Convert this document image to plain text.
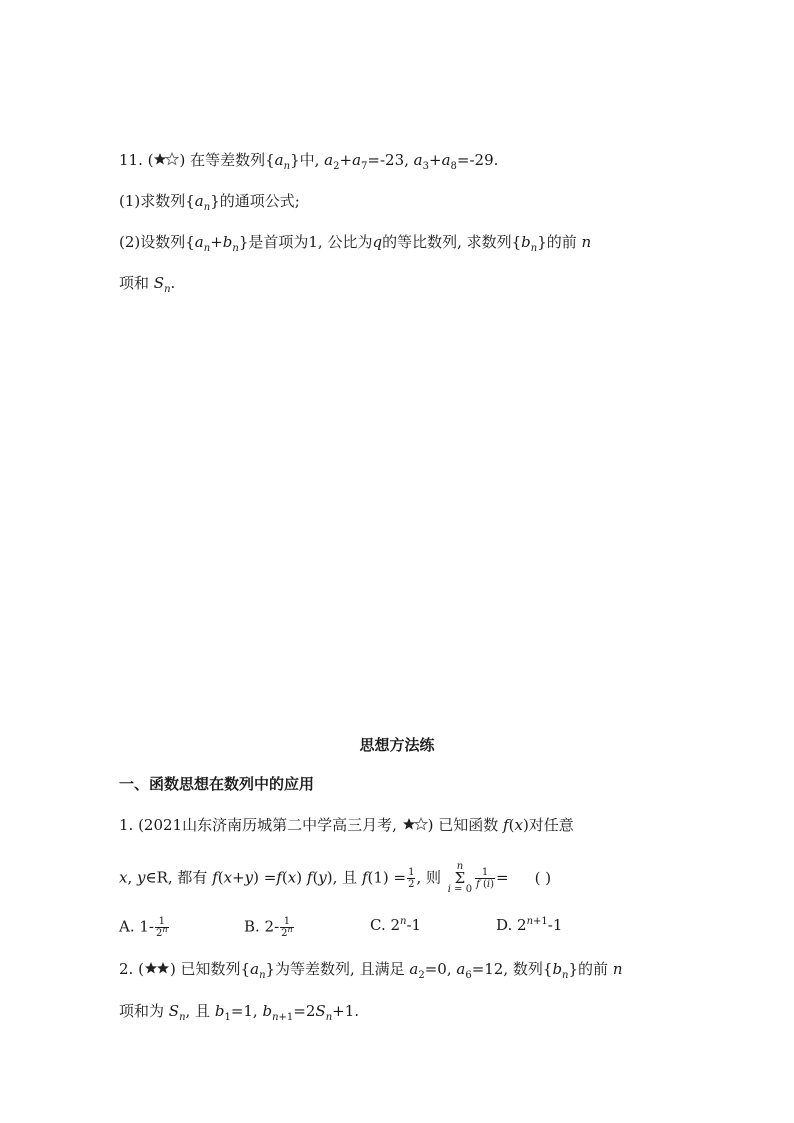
11. ( ) 在等差数列$\{a_n\}$中, $a_2+a_7=-23$, $a_3+a_8=-29$.
(1)求数列$\{a_n\}$的通项公式;
(2)设数列$\{a_n+b_n\}$是首项为1, 公比为q的等比数列, 求数列$\{b_n\}$的前 n
项和 $S_n$.
思想方法练
一、函数思想在数列中的应用
1. (2021山东济南历城第二中学高三月考, ) 已知函数 f(x)对任意
x, y∈R, 都有 f(x+y) =f(x) f(y), 且 $f(1) = \frac{1}{2}$ , 则 n
Σ
$i = 0 \frac{1}{f (i)}$ = ( )
A. $1- \frac{1}{2^n}$	B. $2- \frac{1}{2^n}$	C. 2$^n$-1	D. $2^{n+1}-1$
2. ( ) 已知数列$\{a_n\}$为等差数列, 且满足 $a_2=0$, $a_6=12$, 数列$\{b_n\}$的前 n
项和为 $S_n$, 且 $b_1=1$, $b_{n+1}=2S_n+1$.
